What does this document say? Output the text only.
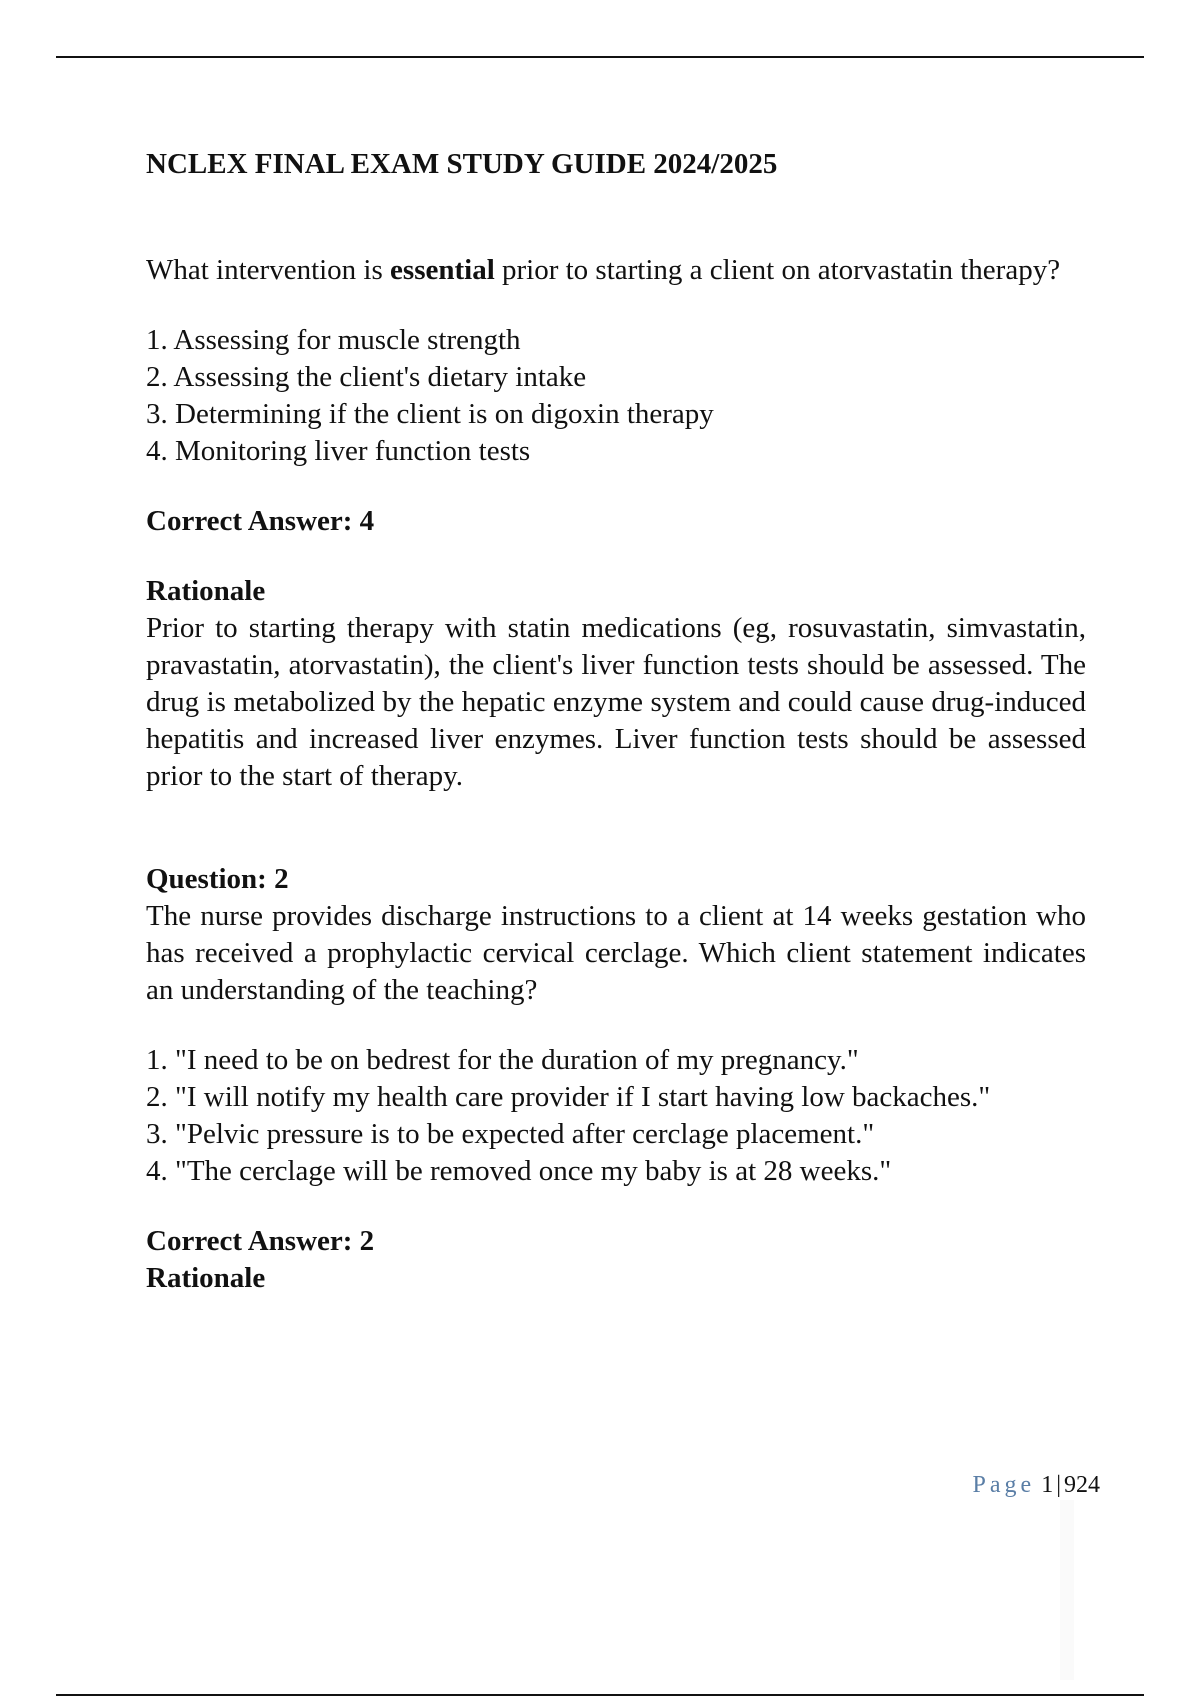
NCLEX FINAL EXAM STUDY GUIDE 2024/2025

What intervention is essential prior to starting a client on atorvastatin therapy?

1. Assessing for muscle strength
2. Assessing the client's dietary intake
3. Determining if the client is on digoxin therapy
4. Monitoring liver function tests

Correct Answer: 4

Rationale

Prior to starting therapy with statin medications (eg, rosuvastatin, simvastatin, pravastatin, atorvastatin), the client's liver function tests should be assessed. The drug is metabolized by the hepatic enzyme system and could cause drug-induced hepatitis and increased liver enzymes. Liver function tests should be assessed prior to the start of therapy.

Question: 2

The nurse provides discharge instructions to a client at 14 weeks gestation who has received a prophylactic cervical cerclage. Which client statement indicates an understanding of the teaching?

1. "I need to be on bedrest for the duration of my pregnancy."
2. "I will notify my health care provider if I start having low backaches."
3. "Pelvic pressure is to be expected after cerclage placement."
4. "The cerclage will be removed once my baby is at 28 weeks."

Correct Answer: 2

Rationale

Page 1 | 924
